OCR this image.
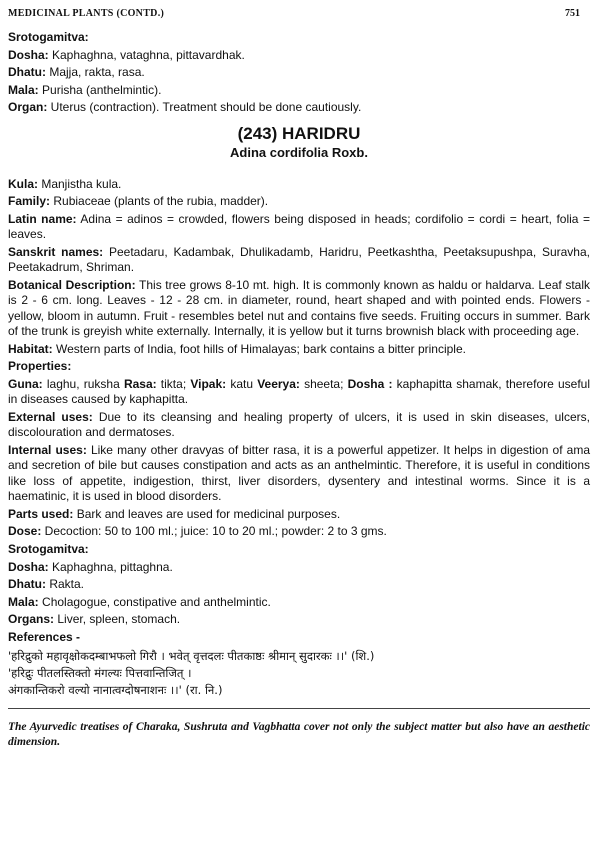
MEDICINAL PLANTS (CONTD.)	751

Srotogamitva:

Dosha: Kaphaghna, vataghna, pittavardhak.

Dhatu: Majja, rakta, rasa.

Mala: Purisha (anthelmintic).

Organ: Uterus (contraction). Treatment should be done cautiously.

(243) HARIDRU
Adina cordifolia Roxb.

Kula: Manjistha kula.

Family: Rubiaceae (plants of the rubia, madder).

Latin name: Adina = adinos = crowded, flowers being disposed in heads; cordifolio = cordi = heart, folia = leaves.

Sanskrit names: Peetadaru, Kadambak, Dhulikadamb, Haridru, Peetkashtha, Peetaksupushpa, Suravha, Peetakadrum, Shriman.

Botanical Description: This tree grows 8-10 mt. high. It is commonly known as haldu or haldarva. Leaf stalk is 2 - 6 cm. long. Leaves - 12 - 28 cm. in diameter, round, heart shaped and with pointed ends. Flowers - yellow, bloom in autumn. Fruit - resembles betel nut and contains five seeds. Fruiting occurs in summer. Bark of the trunk is greyish white externally. Internally, it is yellow but it turns brownish black with proceeding age.

Habitat: Western parts of India, foot hills of Himalayas; bark contains a bitter principle.

Properties:

Guna: laghu, ruksha Rasa: tikta; Vipak: katu Veerya: sheeta; Dosha : kaphapitta shamak, therefore useful in diseases caused by kaphapitta.

External uses: Due to its cleansing and healing property of ulcers, it is used in skin diseases, ulcers, discolouration and dermatoses.

Internal uses: Like many other dravyas of bitter rasa, it is a powerful appetizer. It helps in digestion of ama and secretion of bile but causes constipation and acts as an anthelmintic. Therefore, it is useful in conditions like loss of appetite, indigestion, thirst, liver disorders, dysentery and intestinal worms. Since it is a haematinic, it is used in blood disorders.

Parts used: Bark and leaves are used for medicinal purposes.

Dose: Decoction: 50 to 100 ml.; juice: 10 to 20 ml.; powder: 2 to 3 gms.

Srotogamitva:

Dosha: Kaphaghna, pittaghna.

Dhatu: Rakta.

Mala: Cholagogue, constipative and anthelmintic.

Organs: Liver, spleen, stomach.

References -

'हरिद्रुको महावृक्षोकदम्बाभफलो गिरौ । भवेत् वृत्तदलः पीतकाष्ठः श्रीमान् सुदारकः ।।' (शि.)

'हरिद्रुः पीतलस्तिक्तो मंगल्यः पित्तवान्तिजित् ।

अंगकान्तिकरो वल्यो नानात्वग्दोषनाशनः ।।' (रा. नि.)

The Ayurvedic treatises of Charaka, Sushruta and Vagbhatta cover not only the subject matter but also have an aesthetic dimension.
